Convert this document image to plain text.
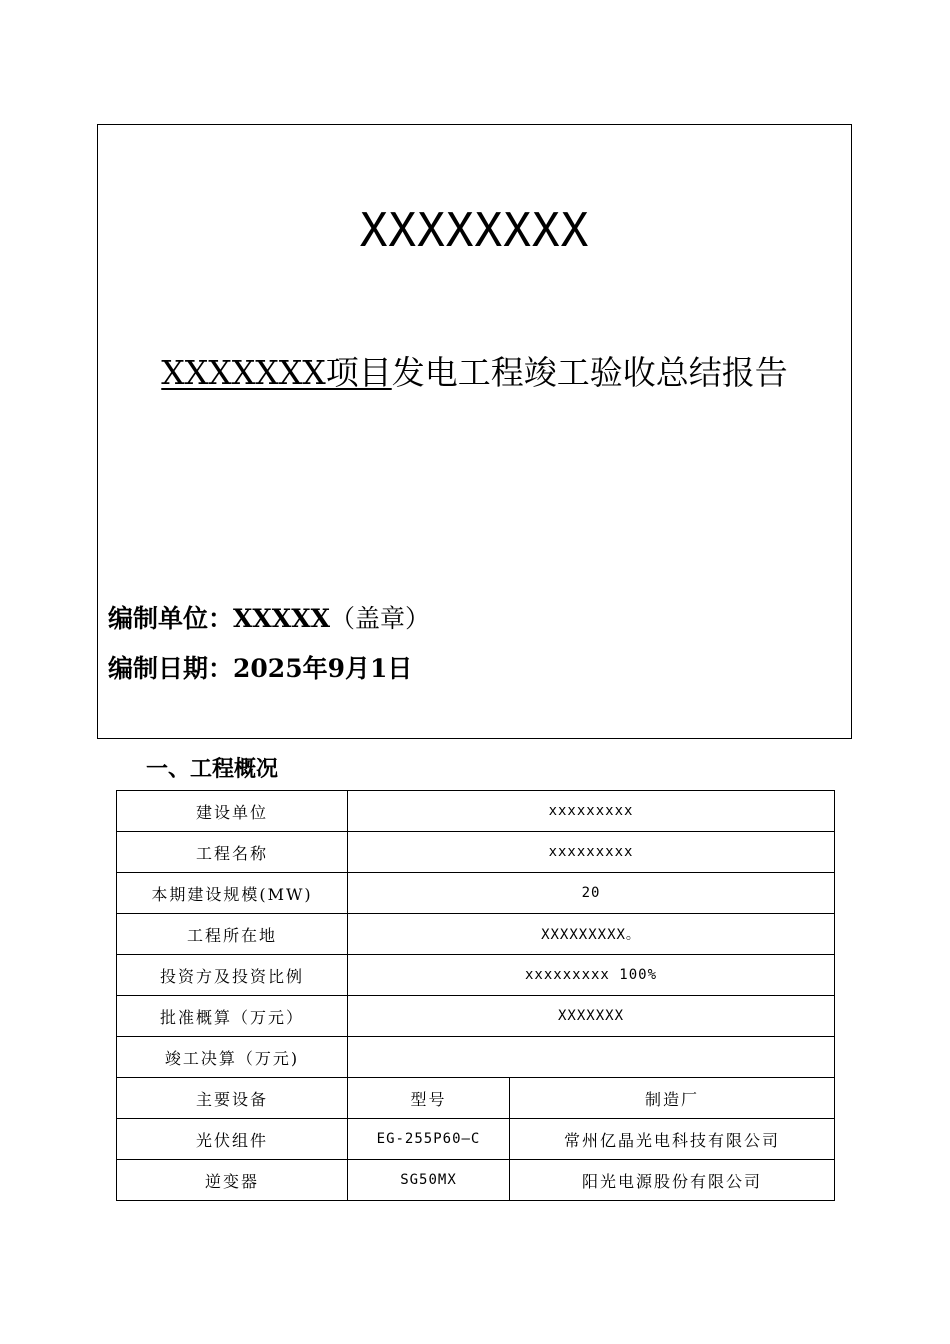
XXXXXXXX
XXXXXXX项目发电工程竣工验收总结报告
编制单位：XXXXX（盖章）
编制日期：2025年9月1日
一、工程概况
建设单位	xxxxxxxxx	
工程名称	xxxxxxxxx	
本期建设规模(MW)	20	
工程所在地	XXXXXXXXX。	
投资方及投资比例	xxxxxxxxx 100%	
批准概算（万元）	XXXXXXX	
竣工决算（万元)		
主要设备	型号	制造厂
光伏组件	EG-255P60—C	常州亿晶光电科技有限公司
逆变器	SG50MX	阳光电源股份有限公司
